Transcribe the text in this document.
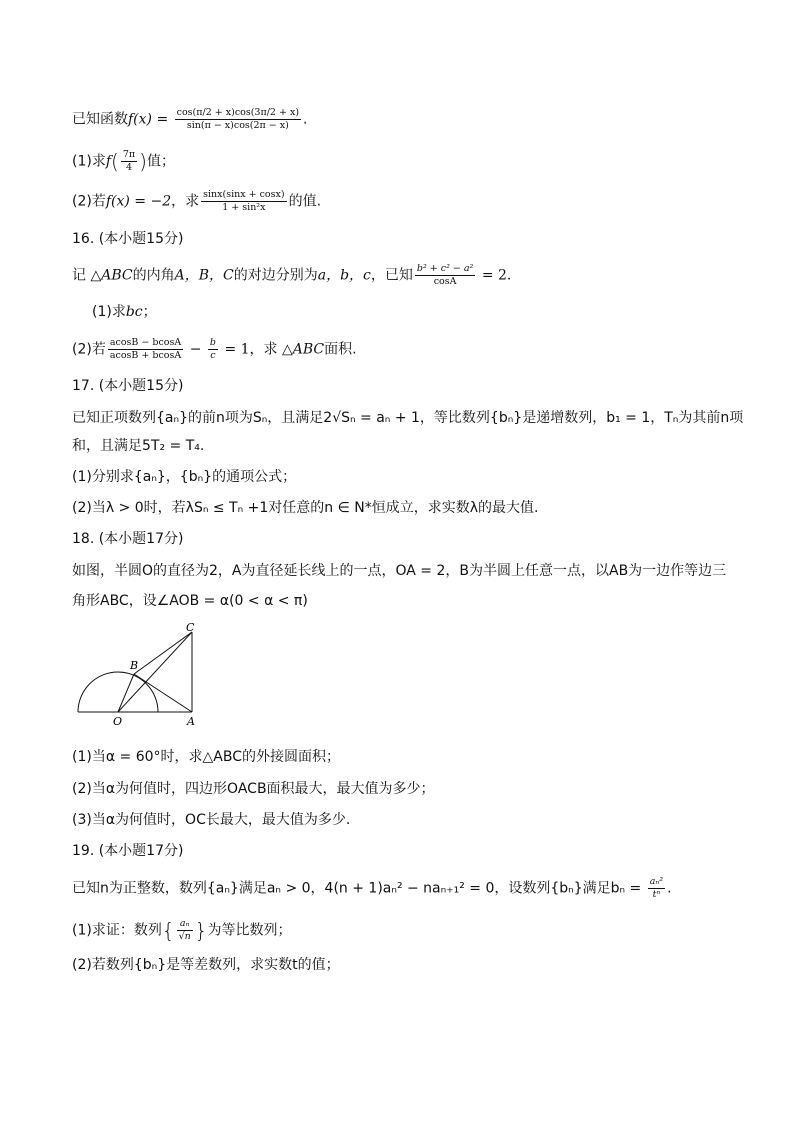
已知函数$f(x) = \frac{\cos(\pi/2 + x)\cos(3\pi/2 + x)}{\sin(\pi - x)\cos(2\pi - x)}$ .
(1)求$f( \frac{7\pi}{4}$ )值；
(2)若f(x) = −2，求 $\frac{\sin x(\sin x + \cos x)}{\text{1 + sin²x}}$ 的值.
16. (本小题15分)
记 △ABC的内角A，B，C的对边分别为a，b，c，已知 $\frac{\text{b² + c² − a²}}{\cos A} = 2$.
(1)求bc；
(2)若 $\frac{acosB - bcosA}{acosB + bcosA} - \frac{b}{c} = 1$，求 △ABC面积.
17. (本小题15分)
已知正项数列{aₙ}的前n项为Sₙ，且满足2√Sₙ = aₙ + 1，等比数列{bₙ}是递增数列，b₁ = 1，Tₙ为其前n项
和，且满足5T₂ = T₄.
(1)分别求{aₙ}，{bₙ}的通项公式；
(2)当λ > 0时，若λSₙ ≤ Tₙ +1对任意的n ∈ N*恒成立，求实数λ的最大值.
18. (本小题17分)
如图，半圆O的直径为2，A为直径延长线上的一点，OA = 2，B为半圆上任意一点，以AB为一边作等边三
角形ABC，设∠AOB = α(0 < α < π)
C
B
O	A
(1)当α = 60°时，求△ABC的外接圆面积；
(2)当α为何值时，四边形OACB面积最大，最大值为多少；
(3)当α为何值时，OC长最大，最大值为多少.
19. (本小题17分)
已知n为正整数，数列{aₙ}满足aₙ > 0，4(n + 1)aₙ² − naₙ₊₁² = 0，设数列{bₙ}满足$b_n = \frac{\text{aₙ²}}{\text{tⁿ}}$ .
(1)求证：数列{ $\frac{\text{aₙ}}{√n}$ }为等比数列；
(2)若数列{bₙ}是等差数列，求实数t的值；
